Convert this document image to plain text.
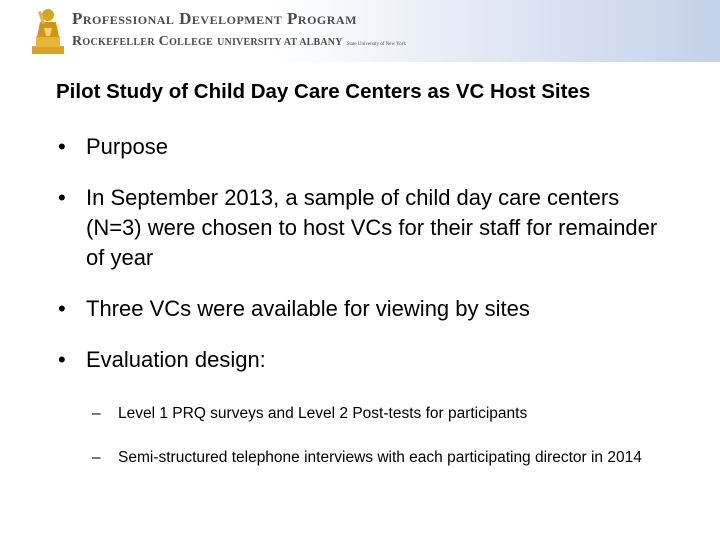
Professional Development Program
Rockefeller College UNIVERSITY AT ALBANY State University of New York
Pilot Study of Child Day Care Centers as VC Host Sites
• Purpose
• In September 2013, a sample of child day care centers (N=3) were chosen to host VCs for their staff for remainder of year
• Three VCs were available for viewing by sites
• Evaluation design:
– Level 1 PRQ surveys and Level 2 Post-tests for participants
– Semi-structured telephone interviews with each participating director in 2014
